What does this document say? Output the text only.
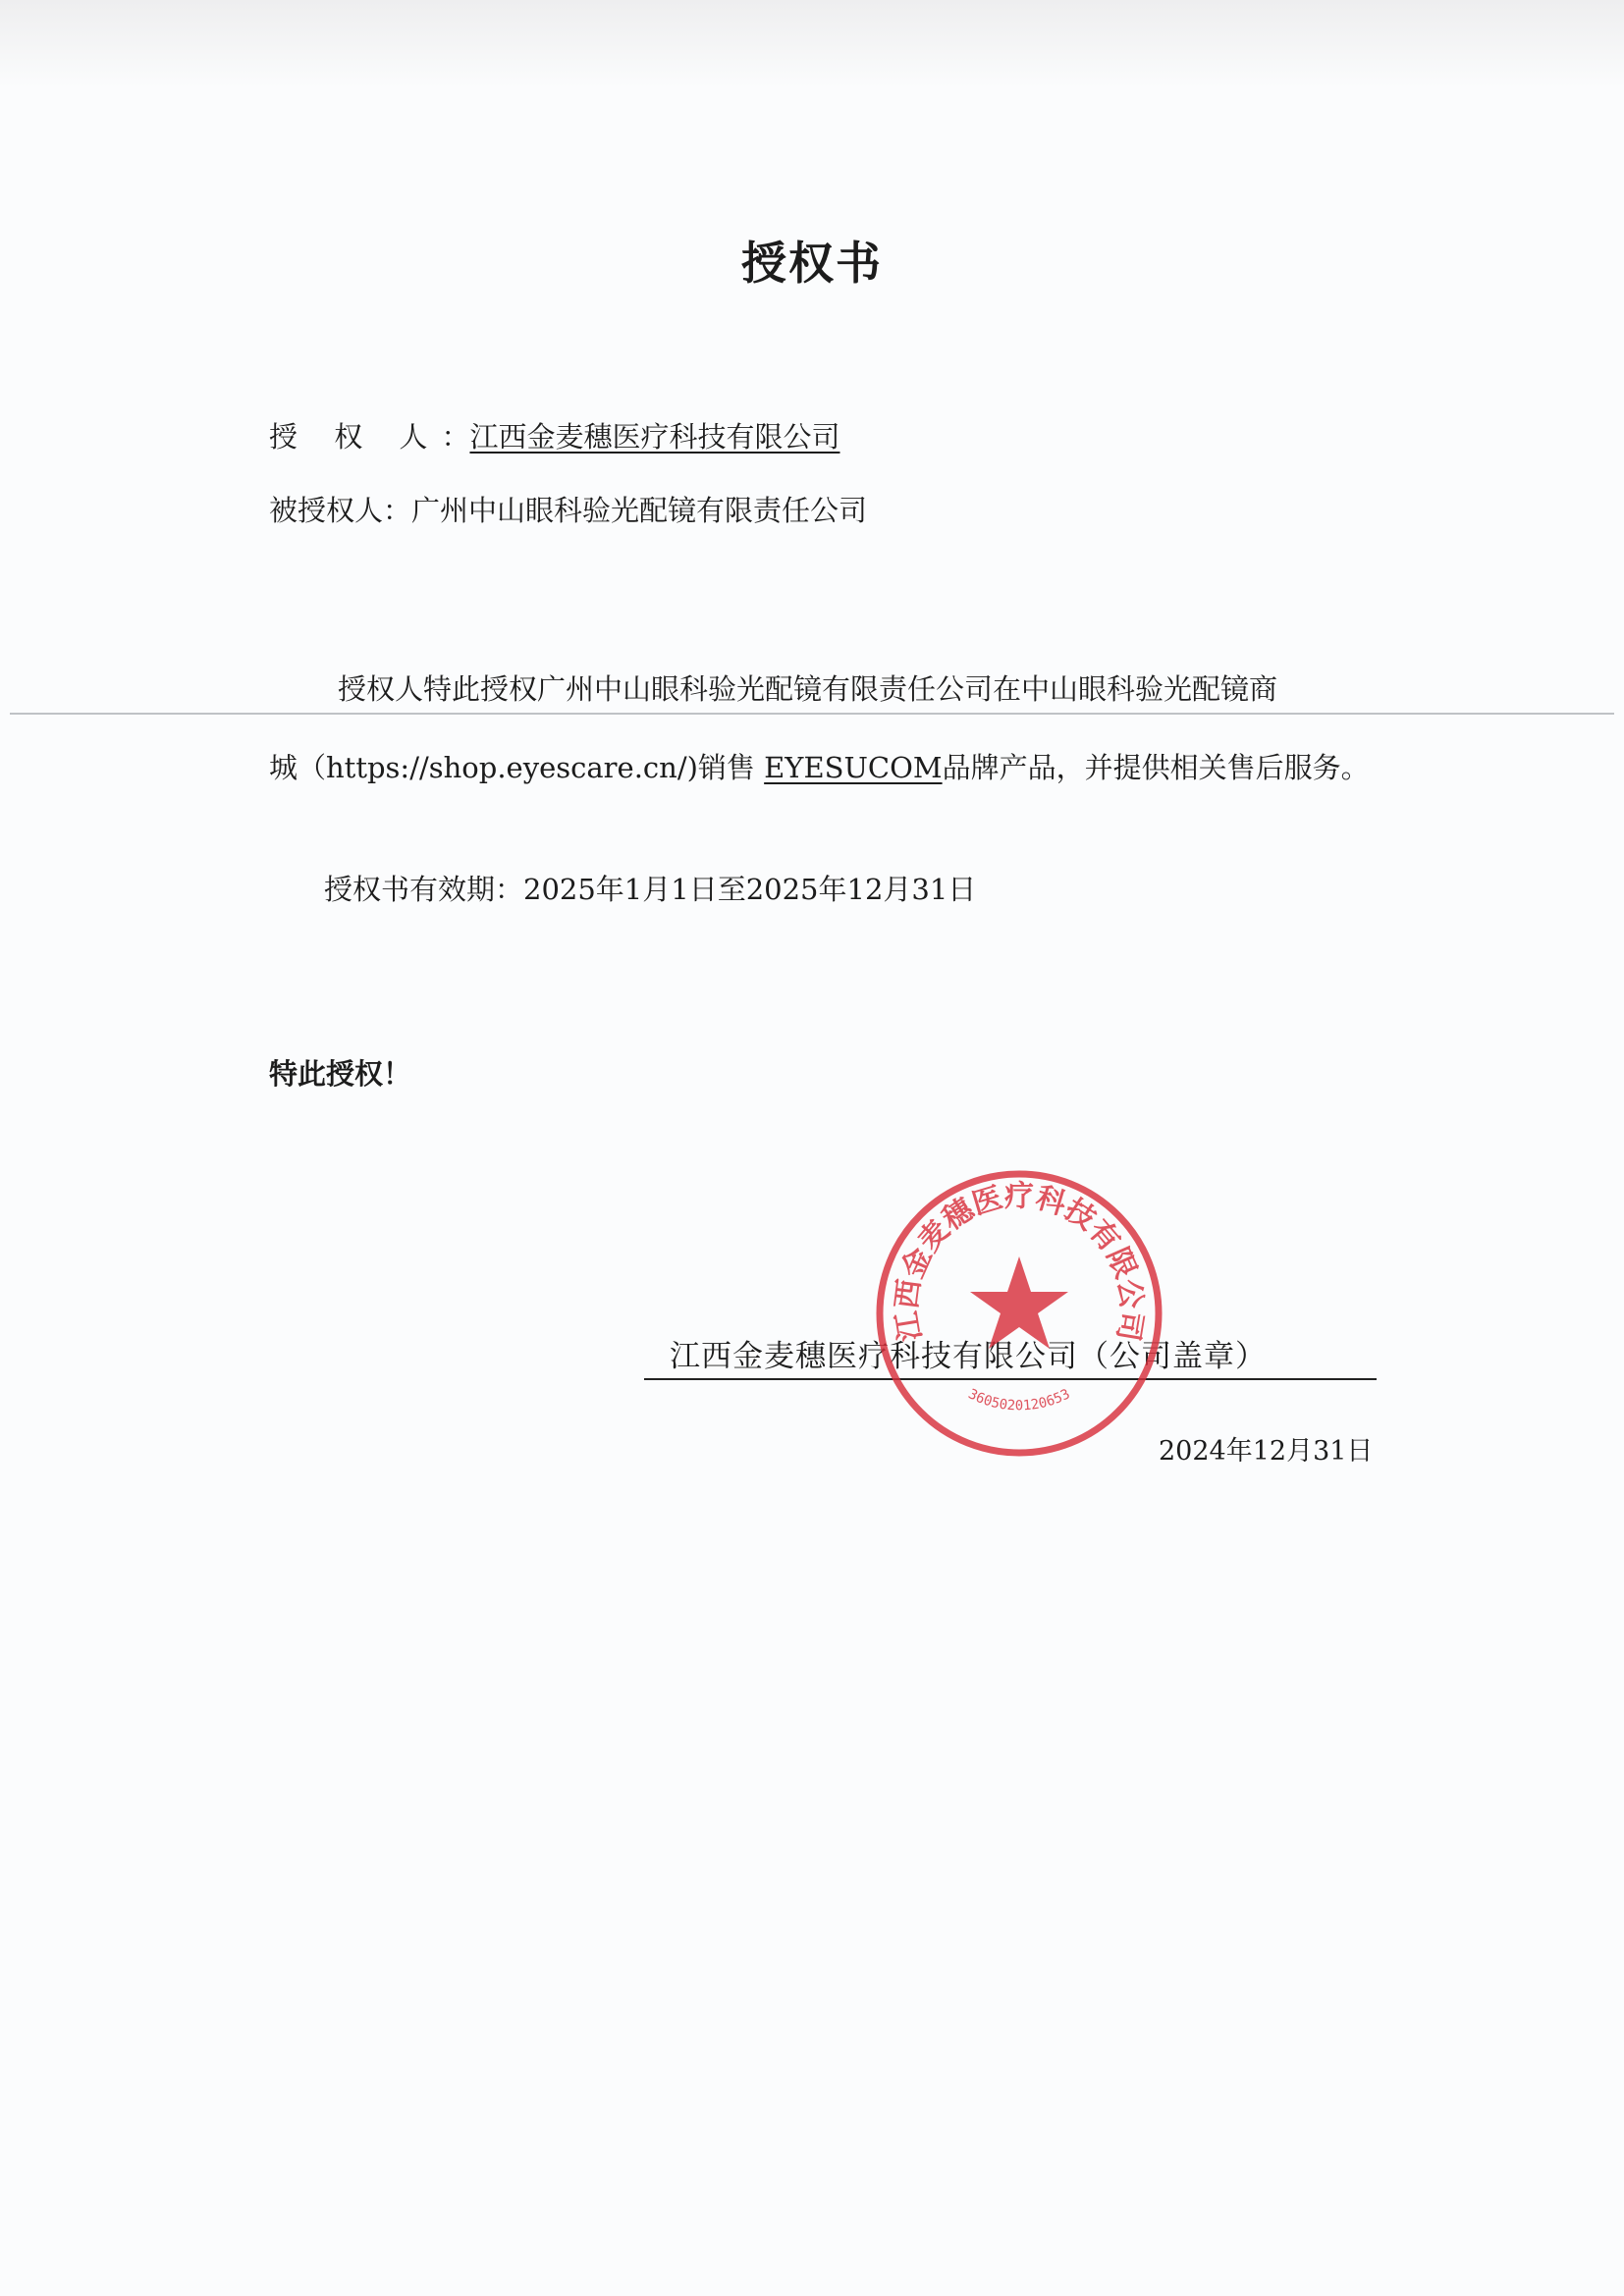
授权书
授 权 人：江西金麦穗医疗科技有限公司
被授权人：广州中山眼科验光配镜有限责任公司
授权人特此授权广州中山眼科验光配镜有限责任公司在中山眼科验光配镜商
城（https://shop.eyescare.cn/)销售 EYESUCOM品牌产品，并提供相关售后服务。
授权书有效期：2025年1月1日至2025年12月31日
特此授权！
江西金麦穗医疗科技有限公司（公司盖章）
2024年12月31日
江西金麦穗医疗科技有限公司
3605020120653
